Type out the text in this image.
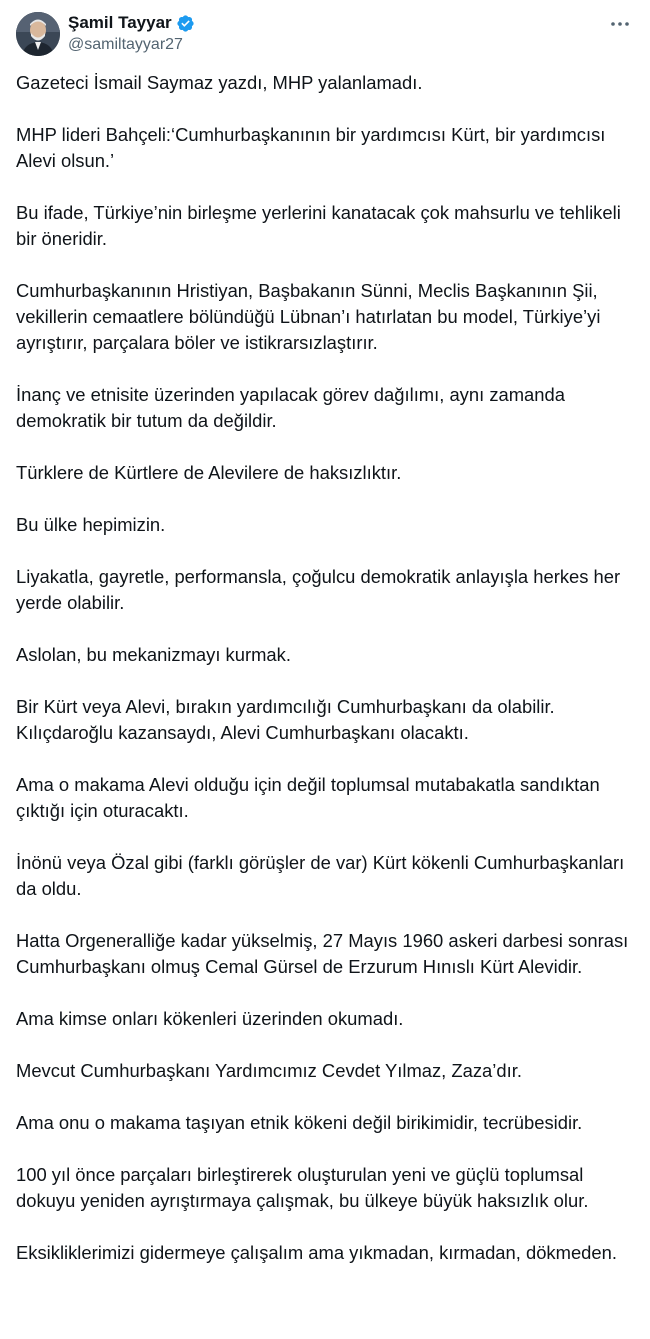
Şamil Tayyar
@samiltayyar27

Gazeteci İsmail Saymaz yazdı, MHP yalanlamadı.

MHP lideri Bahçeli:‘Cumhurbaşkanının bir yardımcısı Kürt, bir yardımcısı Alevi olsun.’

Bu ifade, Türkiye’nin birleşme yerlerini kanatacak çok mahsurlu ve tehlikeli bir öneridir.

Cumhurbaşkanının Hristiyan, Başbakanın Sünni, Meclis Başkanının Şii, vekillerin cemaatlere bölündüğü Lübnan’ı hatırlatan bu model, Türkiye’yi ayrıştırır, parçalara böler ve istikrarsızlaştırır.

İnanç ve etnisite üzerinden yapılacak görev dağılımı, aynı zamanda demokratik bir tutum da değildir.

Türklere de Kürtlere de Alevilere de haksızlıktır.

Bu ülke hepimizin.

Liyakatla, gayretle, performansla, çoğulcu demokratik anlayışla herkes her yerde olabilir.

Aslolan, bu mekanizmayı kurmak.

Bir Kürt veya Alevi, bırakın yardımcılığı Cumhurbaşkanı da olabilir. Kılıçdaroğlu kazansaydı, Alevi Cumhurbaşkanı olacaktı.

Ama o makama Alevi olduğu için değil toplumsal mutabakatla sandıktan çıktığı için oturacaktı.

İnönü veya Özal gibi (farklı görüşler de var) Kürt kökenli Cumhurbaşkanları da oldu.

Hatta Orgeneralliğe kadar yükselmiş, 27 Mayıs 1960 askeri darbesi sonrası Cumhurbaşkanı olmuş Cemal Gürsel de Erzurum Hınıslı Kürt Alevidir.

Ama kimse onları kökenleri üzerinden okumadı.

Mevcut Cumhurbaşkanı Yardımcımız Cevdet Yılmaz, Zaza’dır.

Ama onu o makama taşıyan etnik kökeni değil birikimidir, tecrübesidir.

100 yıl önce parçaları birleştirerek oluşturulan yeni ve güçlü toplumsal dokuyu yeniden ayrıştırmaya çalışmak, bu ülkeye büyük haksızlık olur.

Eksikliklerimizi gidermeye çalışalım ama yıkmadan, kırmadan, dökmeden.
